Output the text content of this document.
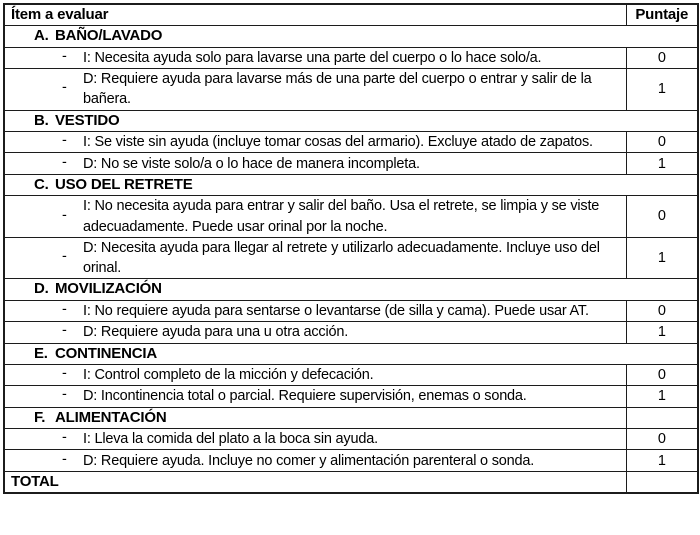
Ítem a evaluar	Puntaje
A. BAÑO/LAVADO	

- I: Necesita ayuda solo para lavarse una parte del cuerpo o lo hace solo/a.	0

-
D: Requiere ayuda para lavarse más de una parte del cuerpo o entrar y salir de la bañera.	1
B. VESTIDO	

- I: Se viste sin ayuda (incluye tomar cosas del armario). Excluye atado de zapatos.	0

- D: No se viste solo/a o lo hace de manera incompleta.	1
C. USO DEL RETRETE	

-
I: No necesita ayuda para entrar y salir del baño. Usa el retrete, se limpia y se viste adecuadamente. Puede usar orinal por la noche.	0

-
D: Necesita ayuda para llegar al retrete y utilizarlo adecuadamente. Incluye uso del orinal.	1
D. MOVILIZACIÓN	

- I: No requiere ayuda para sentarse o levantarse (de silla y cama). Puede usar AT.	0

- D: Requiere ayuda para una u otra acción.	1
E. CONTINENCIA	

- I: Control completo de la micción y defecación.	0

- D: Incontinencia total o parcial. Requiere supervisión, enemas o sonda.	1
F. ALIMENTACIÓN	

- I: Lleva la comida del plato a la boca sin ayuda.	0

- D: Requiere ayuda. Incluye no comer y alimentación parenteral o sonda.	1
TOTAL	
